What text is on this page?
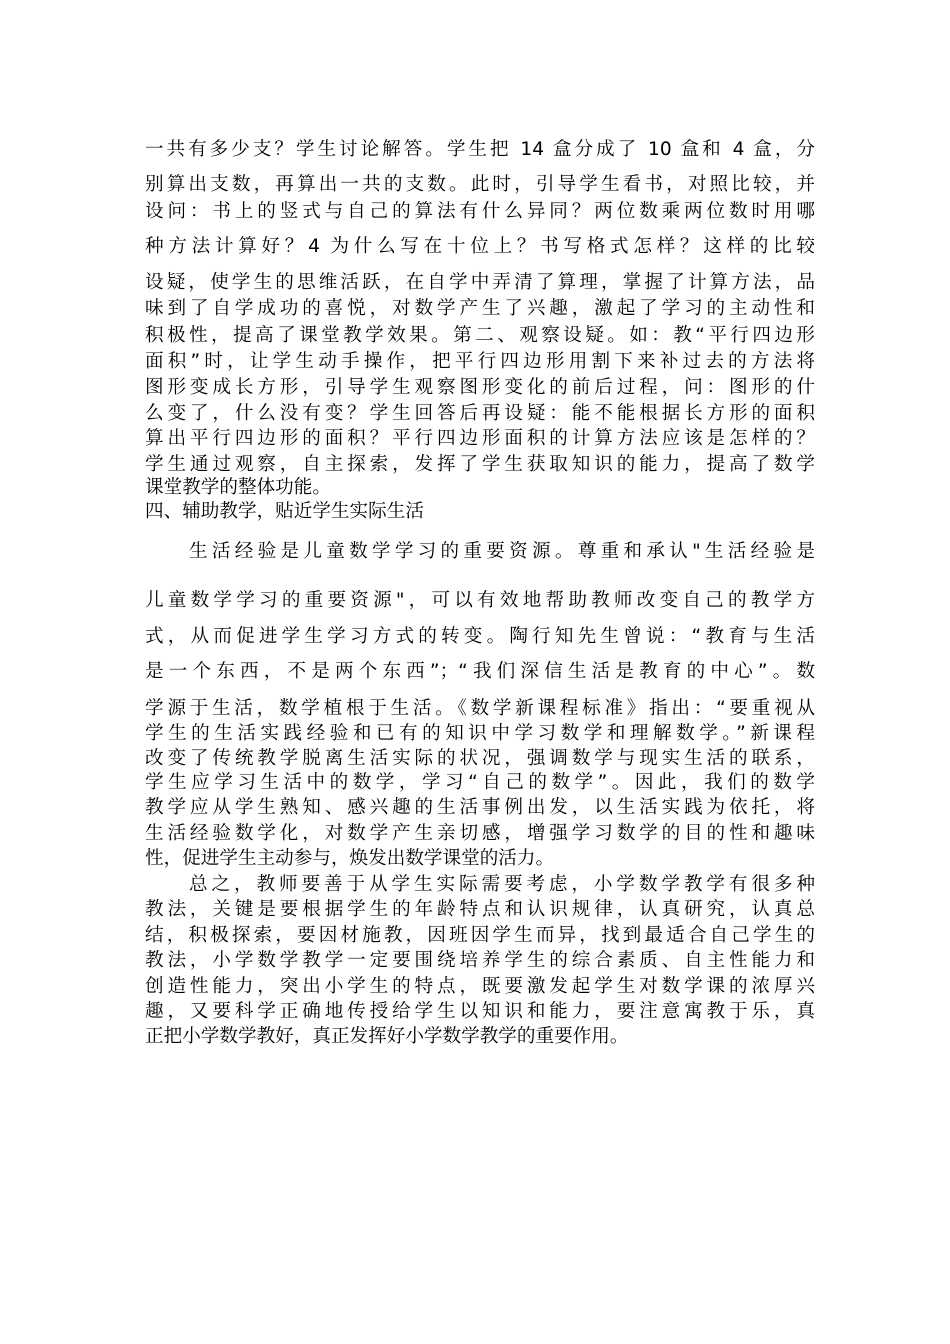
一共有多少支？学生讨论解答。学生把 14 盒分成了 10 盒和 4 盒，分
别算出支数，再算出一共的支数。此时，引导学生看书，对照比较，并
设问：书上的竖式与自己的算法有什么异同？两位数乘两位数时用哪
种方法计算好？4 为什么写在十位上？书写格式怎样？这样的比较
设疑，使学生的思维活跃，在自学中弄清了算理，掌握了计算方法，品
味到了自学成功的喜悦，对数学产生了兴趣，激起了学习的主动性和
积极性，提高了课堂教学效果。第二、观察设疑。如：教“平行四边形
面积”时，让学生动手操作，把平行四边形用割下来补过去的方法将
图形变成长方形，引导学生观察图形变化的前后过程，问：图形的什
么变了，什么没有变？学生回答后再设疑：能不能根据长方形的面积
算出平行四边形的面积？平行四边形面积的计算方法应该是怎样的？
学生通过观察，自主探索，发挥了学生获取知识的能力，提高了数学
课堂教学的整体功能。
四、辅助教学，贴近学生实际生活
生活经验是儿童数学学习的重要资源。尊重和承认"生活经验是
儿童数学学习的重要资源"，可以有效地帮助教师改变自己的教学方
式，从而促进学生学习方式的转变。陶行知先生曾说：“教育与生活
是一个东西，不是两个东西”；“我们深信生活是教育的中心”。数
学源于生活，数学植根于生活。《数学新课程标准》指出：“要重视从
学生的生活实践经验和已有的知识中学习数学和理解数学。”新课程
改变了传统教学脱离生活实际的状况，强调数学与现实生活的联系，
学生应学习生活中的数学，学习“自己的数学”。因此，我们的数学
教学应从学生熟知、感兴趣的生活事例出发，以生活实践为依托，将
生活经验数学化，对数学产生亲切感，增强学习数学的目的性和趣味
性，促进学生主动参与，焕发出数学课堂的活力。
总之，教师要善于从学生实际需要考虑，小学数学教学有很多种
教法，关键是要根据学生的年龄特点和认识规律，认真研究，认真总
结，积极探索，要因材施教，因班因学生而异，找到最适合自己学生的
教法，小学数学教学一定要围绕培养学生的综合素质、自主性能力和
创造性能力，突出小学生的特点，既要激发起学生对数学课的浓厚兴
趣，又要科学正确地传授给学生以知识和能力，要注意寓教于乐，真
正把小学数学教好，真正发挥好小学数学教学的重要作用。
